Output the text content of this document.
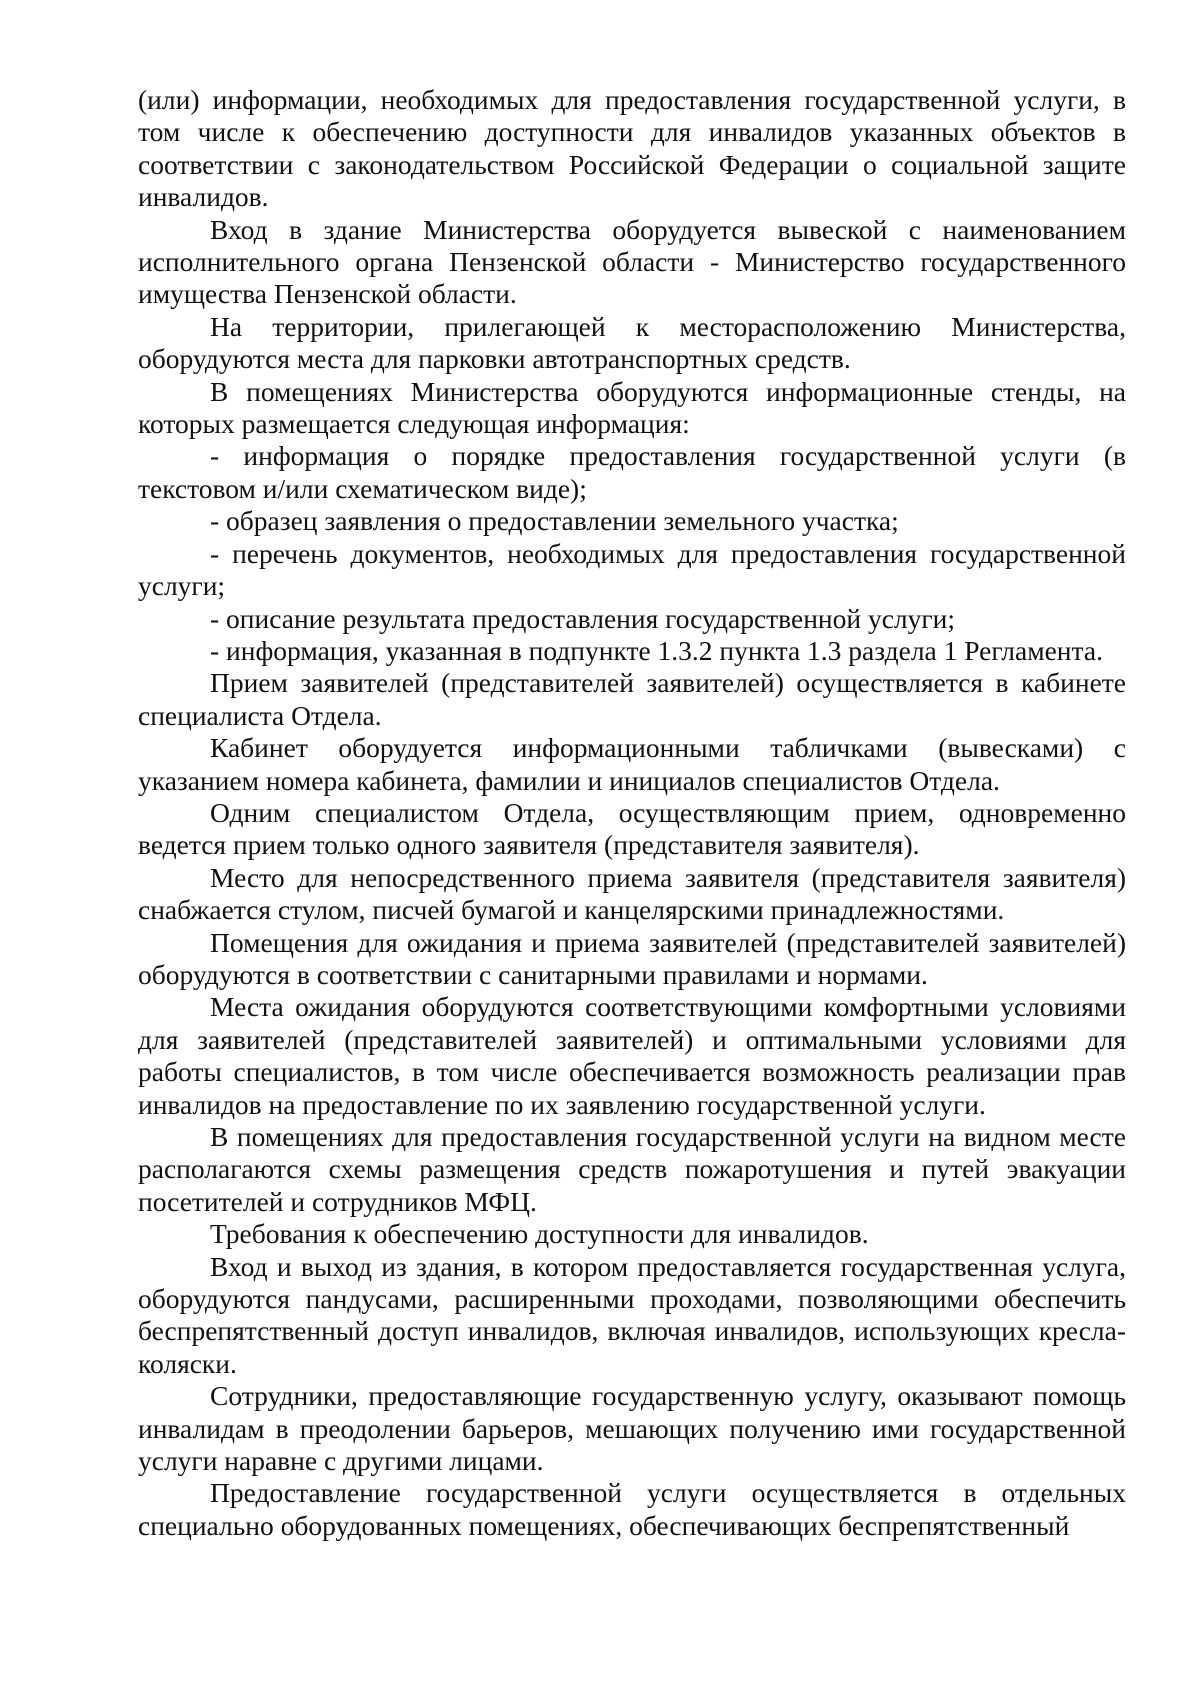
(или) информации, необходимых для предоставления государственной услуги, в том числе к обеспечению доступности для инвалидов указанных объектов в соответствии с законодательством Российской Федерации о социальной защите инвалидов.

Вход в здание Министерства оборудуется вывеской с наименованием исполнительного органа Пензенской области - Министерство государственного имущества Пензенской области.

На территории, прилегающей к месторасположению Министерства, оборудуются места для парковки автотранспортных средств.

В помещениях Министерства оборудуются информационные стенды, на которых размещается следующая информация:

- информация о порядке предоставления государственной услуги (в текстовом и/или схематическом виде);

- образец заявления о предоставлении земельного участка;

- перечень документов, необходимых для предоставления государственной услуги;

- описание результата предоставления государственной услуги;

- информация, указанная в подпункте 1.3.2 пункта 1.3 раздела 1 Регламента.

Прием заявителей (представителей заявителей) осуществляется в кабинете специалиста Отдела.

Кабинет оборудуется информационными табличками (вывесками) с указанием номера кабинета, фамилии и инициалов специалистов Отдела.

Одним специалистом Отдела, осуществляющим прием, одновременно ведется прием только одного заявителя (представителя заявителя).

Место для непосредственного приема заявителя (представителя заявителя) снабжается стулом, писчей бумагой и канцелярскими принадлежностями.

Помещения для ожидания и приема заявителей (представителей заявителей) оборудуются в соответствии с санитарными правилами и нормами.

Места ожидания оборудуются соответствующими комфортными условиями для заявителей (представителей заявителей) и оптимальными условиями для работы специалистов, в том числе обеспечивается возможность реализации прав инвалидов на предоставление по их заявлению государственной услуги.

В помещениях для предоставления государственной услуги на видном месте располагаются схемы размещения средств пожаротушения и путей эвакуации посетителей и сотрудников МФЦ.

Требования к обеспечению доступности для инвалидов.

Вход и выход из здания, в котором предоставляется государственная услуга, оборудуются пандусами, расширенными проходами, позволяющими обеспечить беспрепятственный доступ инвалидов, включая инвалидов, использующих кресла-коляски.

Сотрудники, предоставляющие государственную услугу, оказывают помощь инвалидам в преодолении барьеров, мешающих получению ими государственной услуги наравне с другими лицами.

Предоставление государственной услуги осуществляется в отдельных специально оборудованных помещениях, обеспечивающих беспрепятственный
